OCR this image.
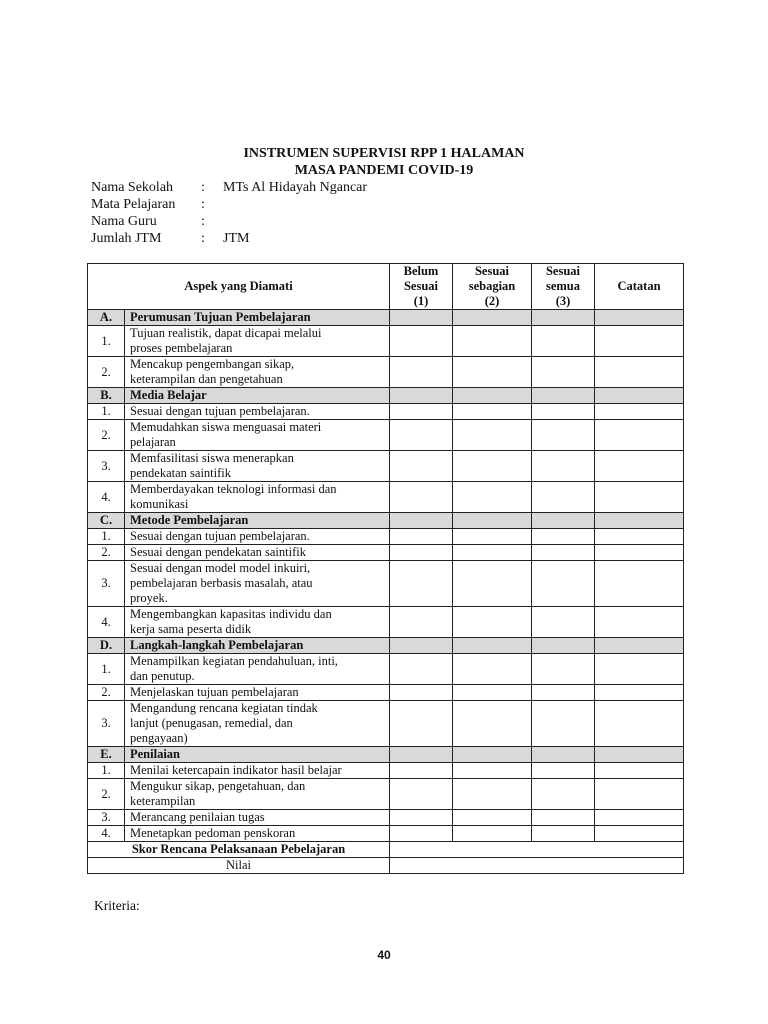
INSTRUMEN SUPERVISI RPP 1 HALAMAN
MASA PANDEMI COVID-19
Nama Sekolah : MTs Al Hidayah Ngancar
Mata Pelajaran :
Nama Guru	:
Jumlah JTM	: JTM
Aspek yang Diamati		Belum
Sesuai
(1)	Sesuai
sebagian
(2)	Sesuai
semua
(3)	Catatan
A.	Perumusan Tujuan Pembelajaran				
1.	Tujuan realistik, dapat dicapai melalui
proses pembelajaran				
2.	Mencakup pengembangan sikap,
keterampilan dan pengetahuan				
B.	Media Belajar				
1.	Sesuai dengan tujuan pembelajaran.				
2.	Memudahkan siswa menguasai materi
pelajaran				
3.	Memfasilitasi siswa menerapkan
pendekatan saintifik				
4.	Memberdayakan teknologi informasi dan
komunikasi				
C.	Metode Pembelajaran				
1.	Sesuai dengan tujuan pembelajaran.				
2.	Sesuai dengan pendekatan saintifik				
3.	Sesuai dengan model model inkuiri,
pembelajaran berbasis masalah, atau
proyek.				
4.	Mengembangkan kapasitas individu dan
kerja sama peserta didik				
D.	Langkah-langkah Pembelajaran				
1.	Menampilkan kegiatan pendahuluan, inti,
dan penutup.				
2.	Menjelaskan tujuan pembelajaran				
3.	Mengandung rencana kegiatan tindak
lanjut (penugasan, remedial, dan
pengayaan)				
E.	Penilaian				
1.	Menilai ketercapain indikator hasil belajar				
2.	Mengukur sikap, pengetahuan, dan
keterampilan				
3.	Merancang penilaian tugas				
4.	Menetapkan pedoman penskoran				
Skor Rencana Pelaksanaan Pebelajaran					
Nilai					
Kriteria:
40
